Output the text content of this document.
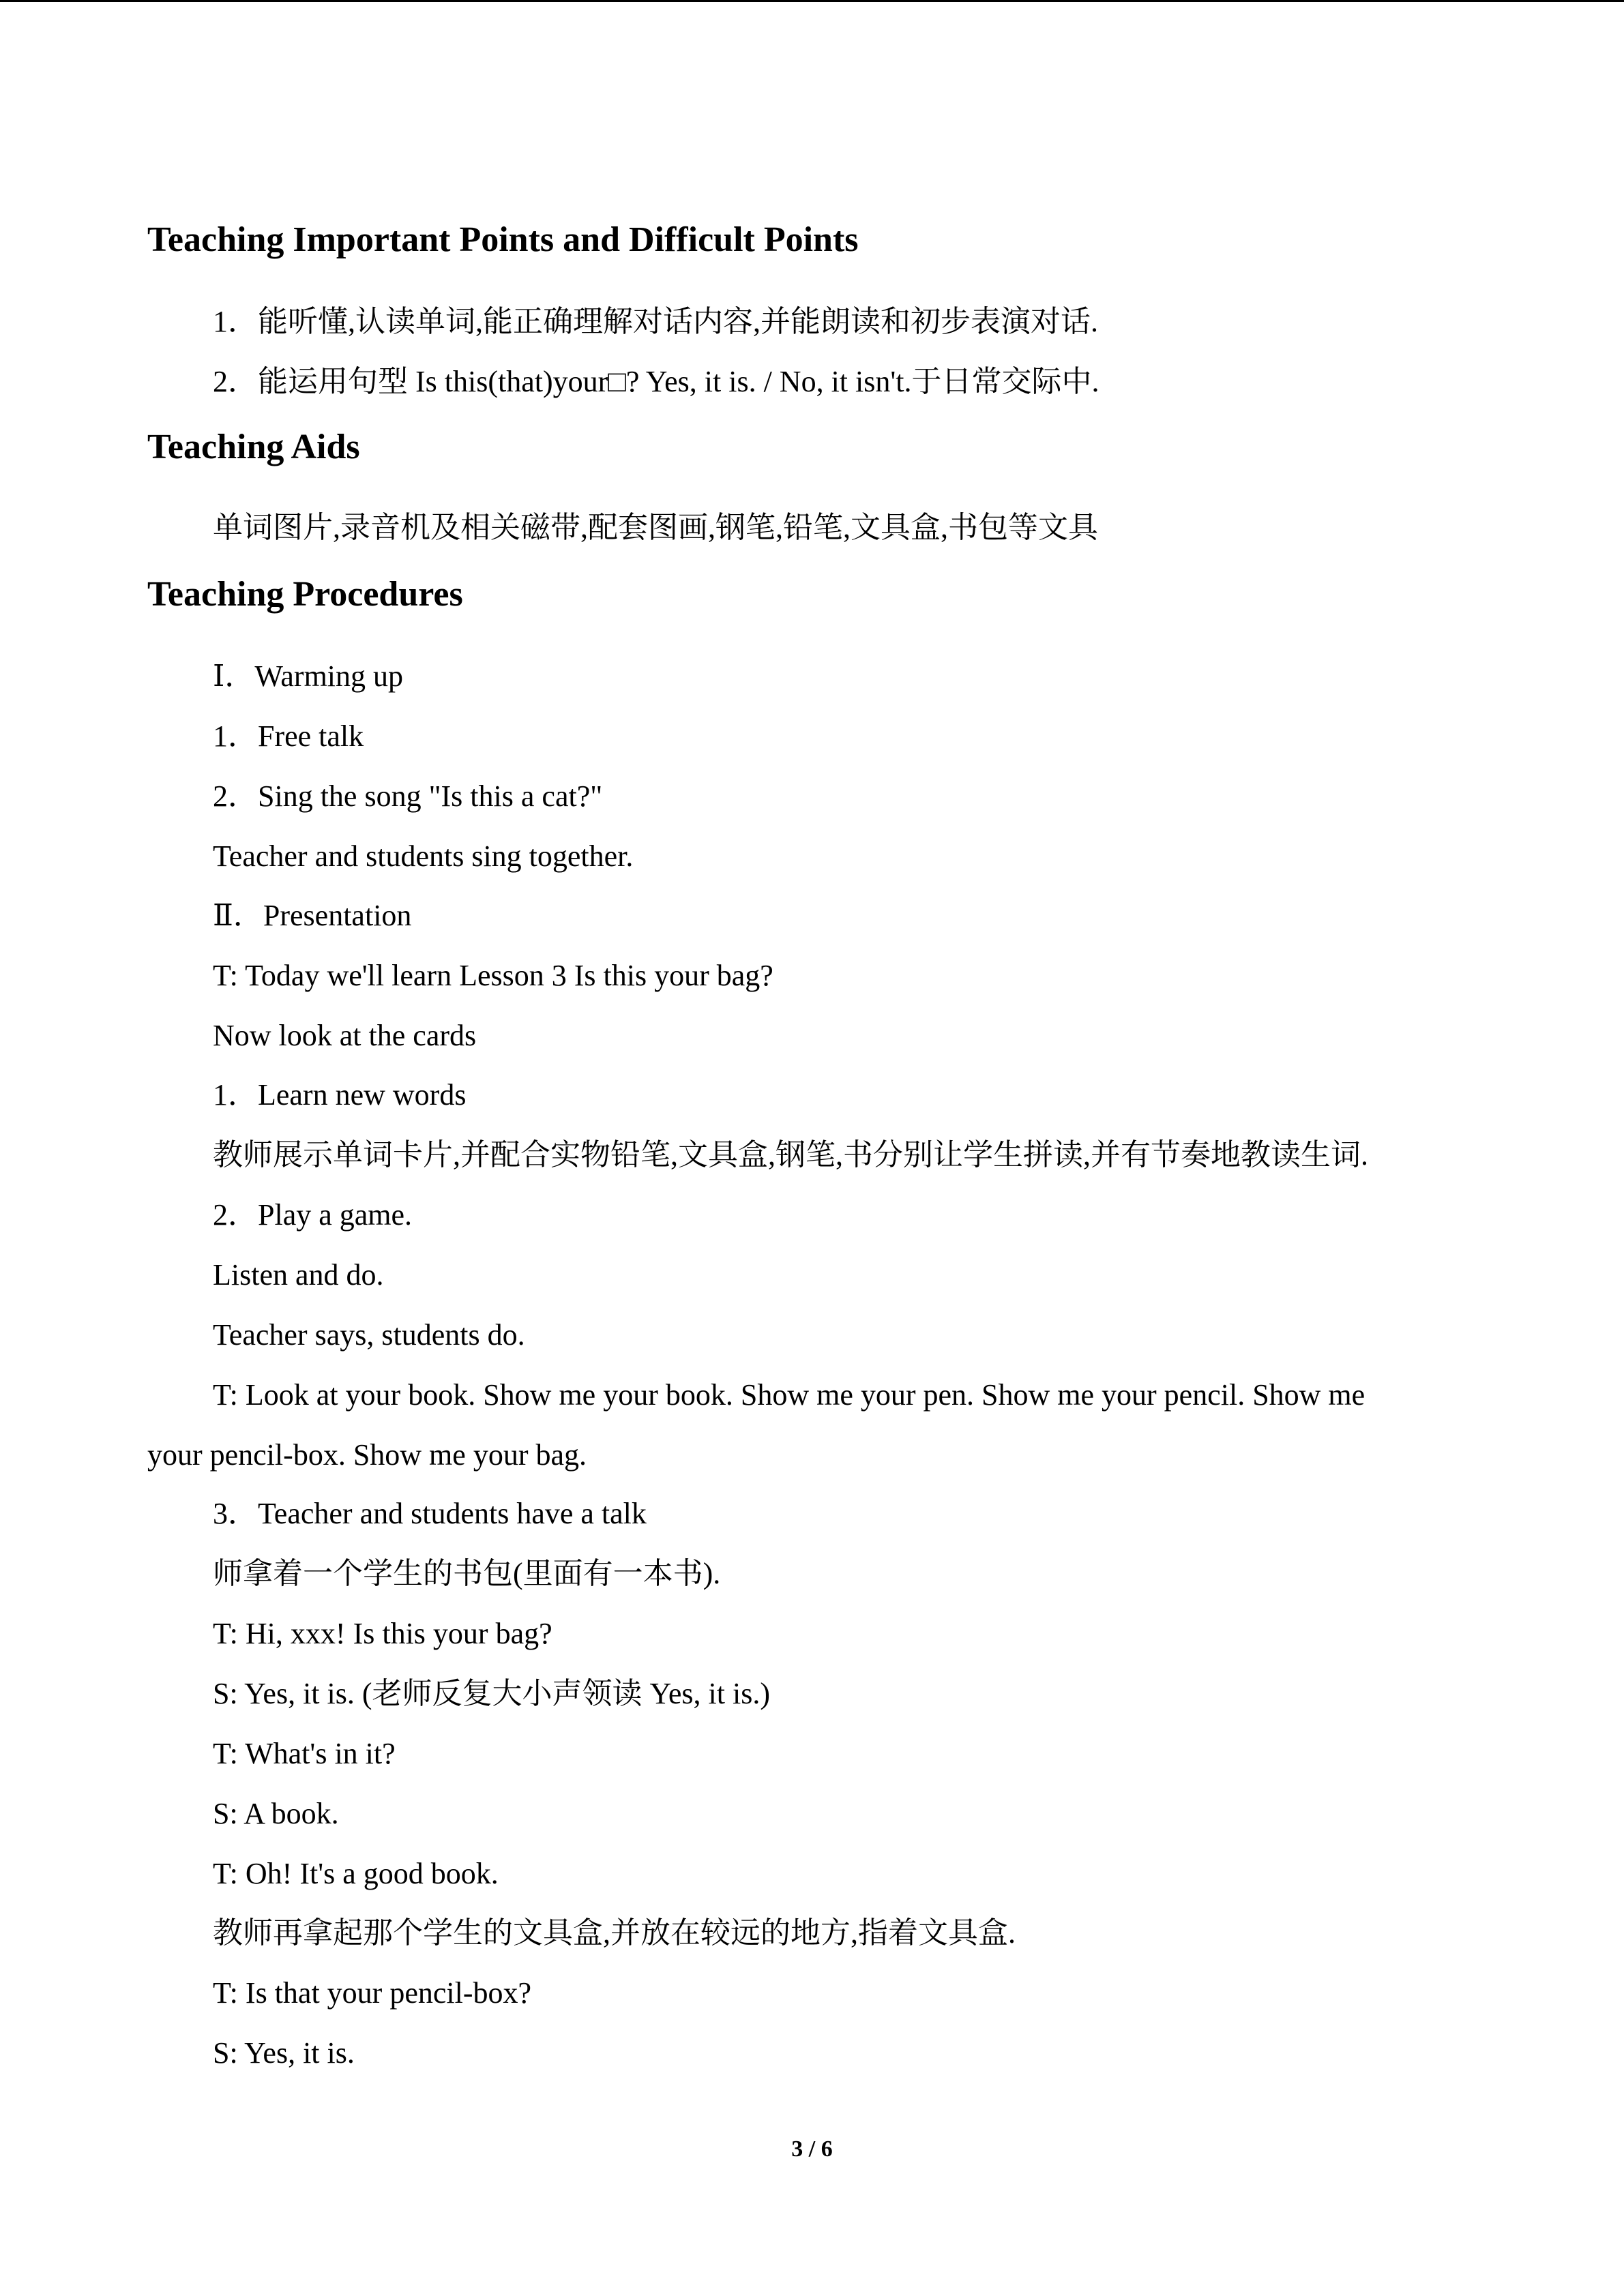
Teaching Important Points and Difficult Points
1．能听懂,认读单词,能正确理解对话内容,并能朗读和初步表演对话.
2．能运用句型 Is this(that)your□? Yes, it is. / No, it isn't.于日常交际中.
Teaching Aids
单词图片,录音机及相关磁带,配套图画,钢笔,铅笔,文具盒,书包等文具
Teaching Procedures
Ⅰ．Warming up
1．Free talk
2．Sing the song "Is this a cat?"
Teacher and students sing together.
Ⅱ．Presentation
T: Today we'll learn Lesson 3 Is this your bag?
Now look at the cards
1．Learn new words
教师展示单词卡片,并配合实物铅笔,文具盒,钢笔,书分别让学生拼读,并有节奏地教读生词.
2．Play a game.
Listen and do.
Teacher says, students do.
T: Look at your book. Show me your book. Show me your pen. Show me your pencil. Show me
your pencil-box. Show me your bag.
3．Teacher and students have a talk
师拿着一个学生的书包(里面有一本书).
T: Hi, xxx! Is this your bag?
S: Yes, it is. (老师反复大小声领读 Yes, it is.)
T: What's in it?
S: A book.
T: Oh! It's a good book.
教师再拿起那个学生的文具盒,并放在较远的地方,指着文具盒.
T: Is that your pencil-box?
S: Yes, it is.
3 / 6
